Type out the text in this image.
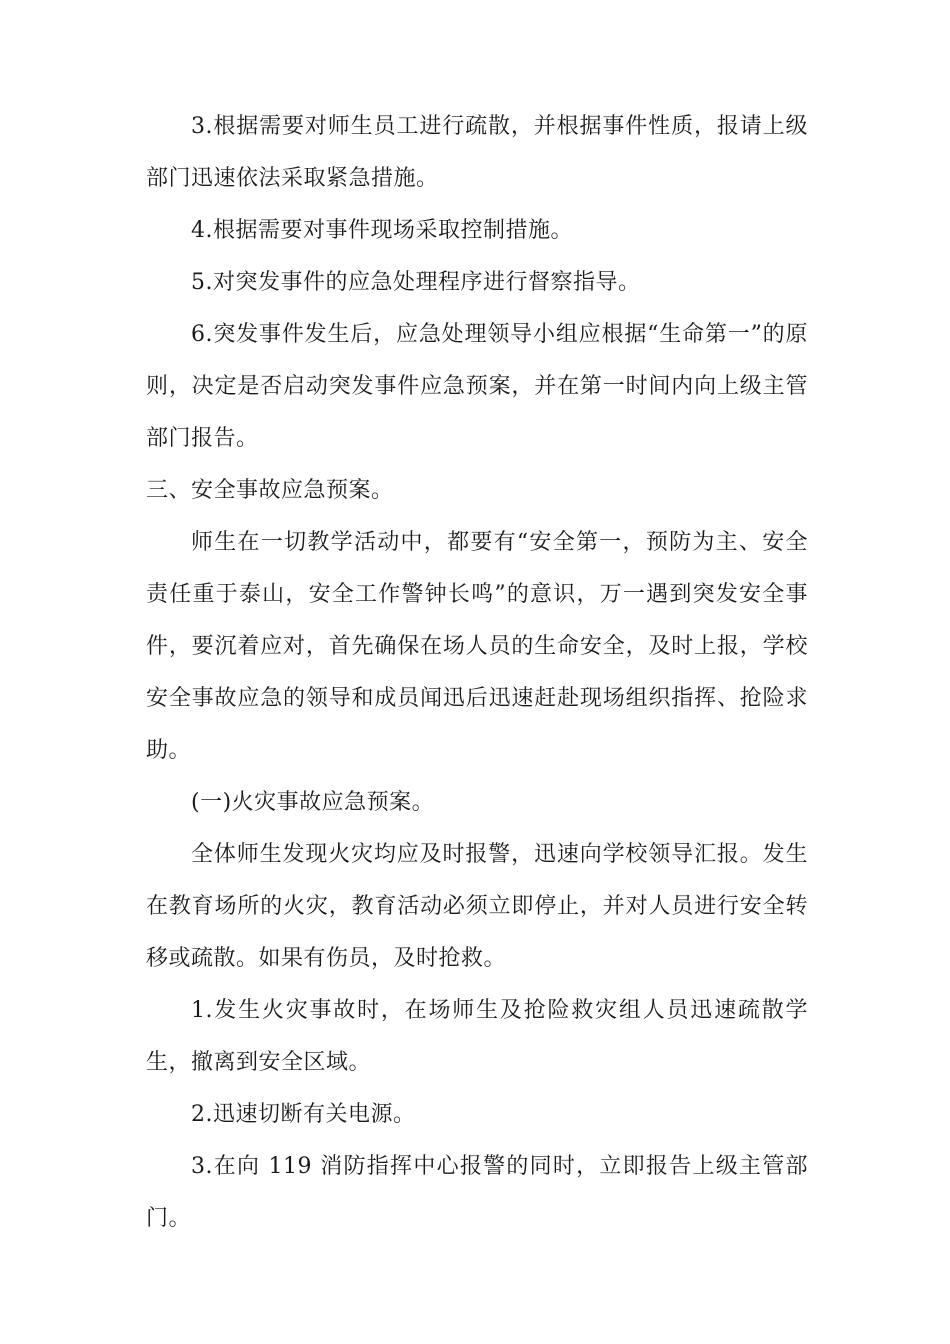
3.根据需要对师生员工进行疏散，并根据事件性质，报请上级部门迅速依法采取紧急措施。

4.根据需要对事件现场采取控制措施。

5.对突发事件的应急处理程序进行督察指导。

6.突发事件发生后，应急处理领导小组应根据“生命第一”的原则，决定是否启动突发事件应急预案，并在第一时间内向上级主管部门报告。

三、安全事故应急预案。

师生在一切教学活动中，都要有“安全第一，预防为主、安全责任重于泰山，安全工作警钟长鸣”的意识，万一遇到突发安全事件，要沉着应对，首先确保在场人员的生命安全，及时上报，学校安全事故应急的领导和成员闻迅后迅速赶赴现场组织指挥、抢险求助。

(一)火灾事故应急预案。

全体师生发现火灾均应及时报警，迅速向学校领导汇报。发生在教育场所的火灾，教育活动必须立即停止，并对人员进行安全转移或疏散。如果有伤员，及时抢救。

1.发生火灾事故时，在场师生及抢险救灾组人员迅速疏散学生，撤离到安全区域。

2.迅速切断有关电源。

3.在向 119 消防指挥中心报警的同时，立即报告上级主管部门。
